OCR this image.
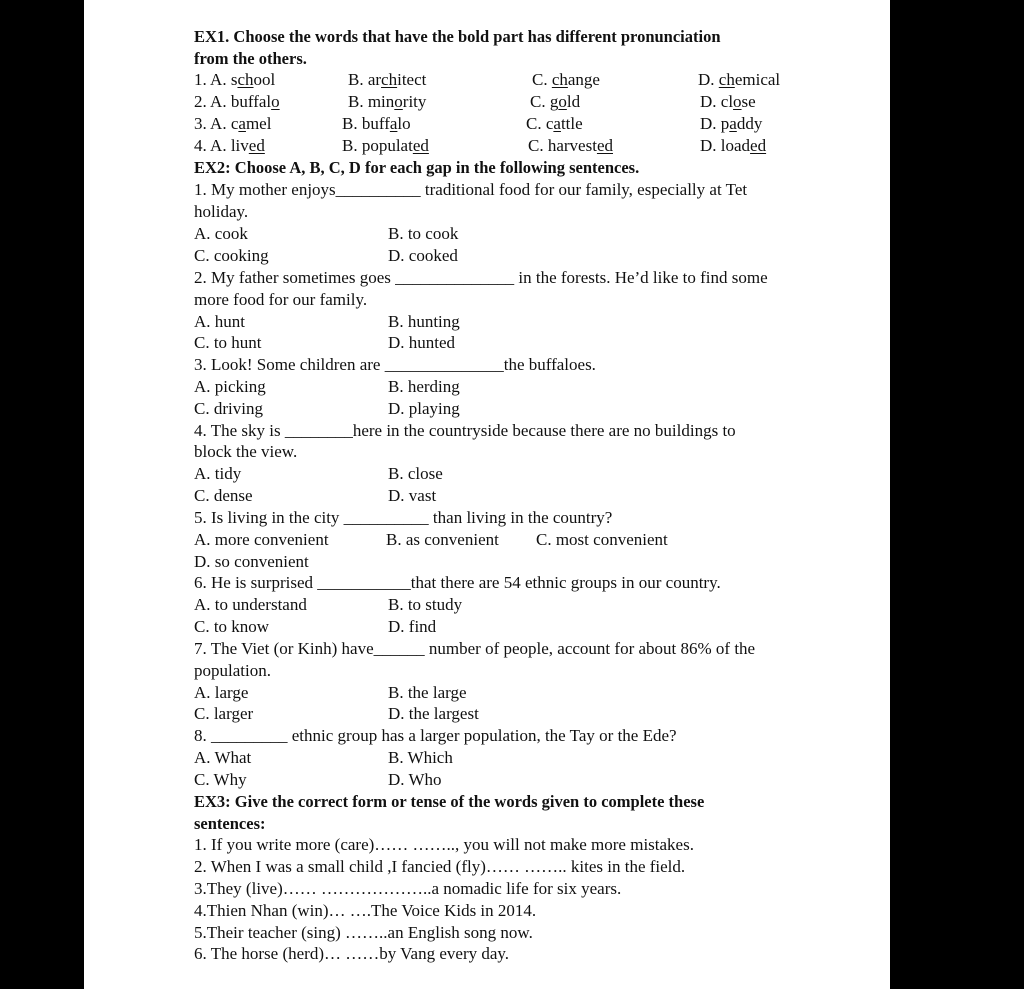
EX1. Choose the words that have the bold part has different pronunciation
from the others.
1. A. school	B. architect	C. change	D. chemical
2. A. buffalo	B. minority	C. gold	D. close
3. A. camel	B. buffalo	C. cattle	D. paddy
4. A. lived	B. populated	C. harvested	D. loaded
EX2: Choose A, B, C, D for each gap in the following sentences.
1. My mother enjoys__________ traditional food for our family, especially at Tet
holiday.
A. cook	B. to cook
C. cooking	D. cooked
2. My father sometimes goes ______________ in the forests. He’d like to find some
more food for our family.
A. hunt	B. hunting
C. to hunt	D. hunted
3. Look! Some children are ______________the buffaloes.
A. picking	B. herding
C. driving	D. playing
4. The sky is ________here in the countryside because there are no buildings to
block the view.
A. tidy	B. close
C. dense	D. vast
5. Is living in the city __________ than living in the country?
A. more convenient	B. as convenient C. most convenient
D. so convenient
6. He is surprised ___________that there are 54 ethnic groups in our country.
A. to understand	B. to study
C. to know	D. find
7. The Viet (or Kinh) have______ number of people, account for about 86% of the
population.
A. large	B. the large
C. larger	D. the largest
8. _________ ethnic group has a larger population, the Tay or the Ede?
A. What	B. Which
C. Why	D. Who
EX3: Give the correct form or tense of the words given to complete these
sentences:
1. If you write more (care)…… …….., you will not make more mistakes.
2. When I was a small child ,I fancied (fly)…… …….. kites in the field.
3.They (live)…… ………………..a nomadic life for six years.
4.Thien Nhan (win)… ….The Voice Kids in 2014.
5.Their teacher (sing) ……..an English song now.
6. The horse (herd)… ……by Vang every day.
